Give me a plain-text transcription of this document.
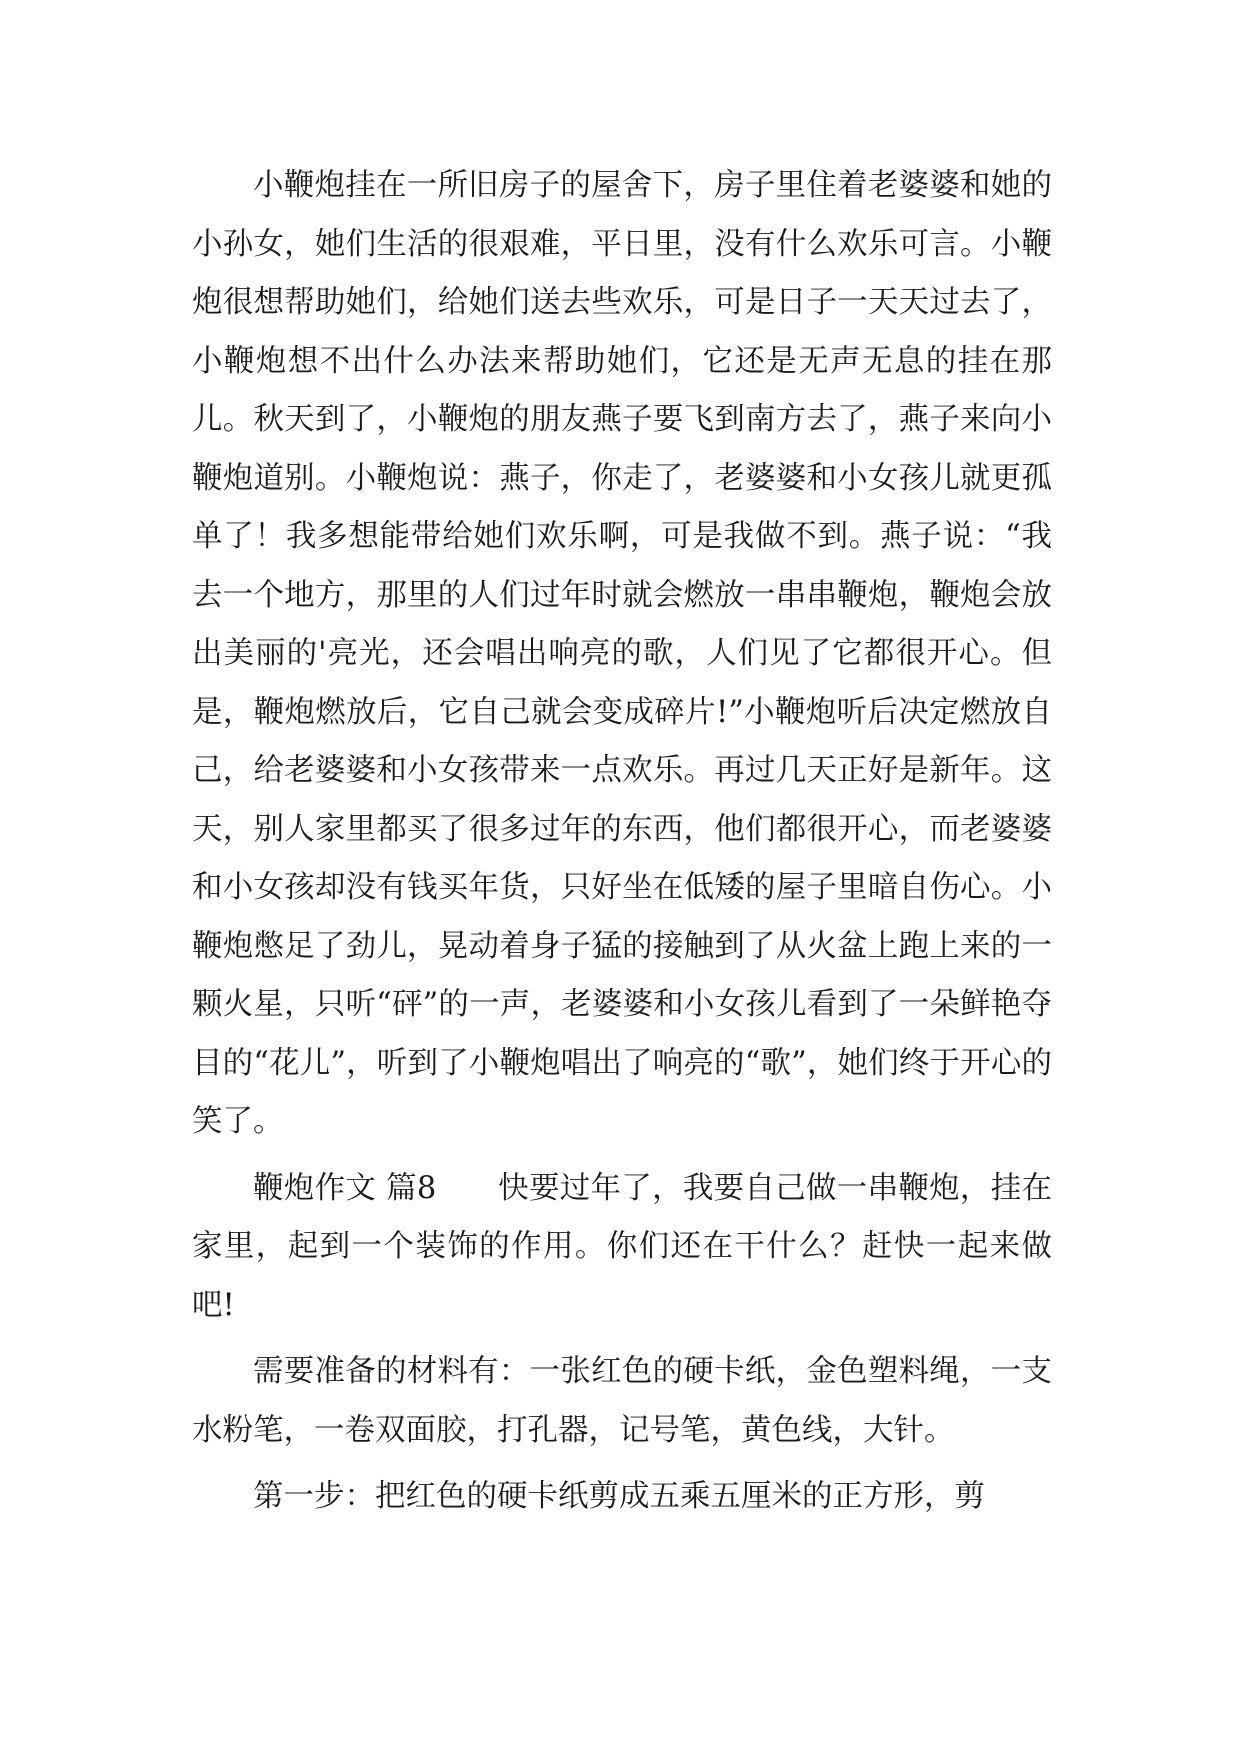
小鞭炮挂在一所旧房子的屋舍下，房子里住着老婆婆和她的小孙女，她们生活的很艰难，平日里，没有什么欢乐可言。小鞭炮很想帮助她们，给她们送去些欢乐，可是日子一天天过去了，小鞭炮想不出什么办法来帮助她们，它还是无声无息的挂在那儿。秋天到了，小鞭炮的朋友燕子要飞到南方去了，燕子来向小鞭炮道别。小鞭炮说：燕子，你走了，老婆婆和小女孩儿就更孤单了！我多想能带给她们欢乐啊，可是我做不到。燕子说：“我去一个地方，那里的人们过年时就会燃放一串串鞭炮，鞭炮会放出美丽的'亮光，还会唱出响亮的歌，人们见了它都很开心。但是，鞭炮燃放后，它自己就会变成碎片!”小鞭炮听后决定燃放自己，给老婆婆和小女孩带来一点欢乐。再过几天正好是新年。这天，别人家里都买了很多过年的东西，他们都很开心，而老婆婆和小女孩却没有钱买年货，只好坐在低矮的屋子里暗自伤心。小鞭炮憋足了劲儿，晃动着身子猛的接触到了从火盆上跑上来的一颗火星，只听“砰”的一声，老婆婆和小女孩儿看到了一朵鲜艳夺目的“花儿”，听到了小鞭炮唱出了响亮的“歌”，她们终于开心的笑了。

鞭炮作文 篇8　　快要过年了，我要自己做一串鞭炮，挂在家里，起到一个装饰的作用。你们还在干什么？赶快一起来做吧!

需要准备的材料有：一张红色的硬卡纸，金色塑料绳，一支水粉笔，一卷双面胶，打孔器，记号笔，黄色线，大针。

第一步：把红色的硬卡纸剪成五乘五厘米的正方形，剪
